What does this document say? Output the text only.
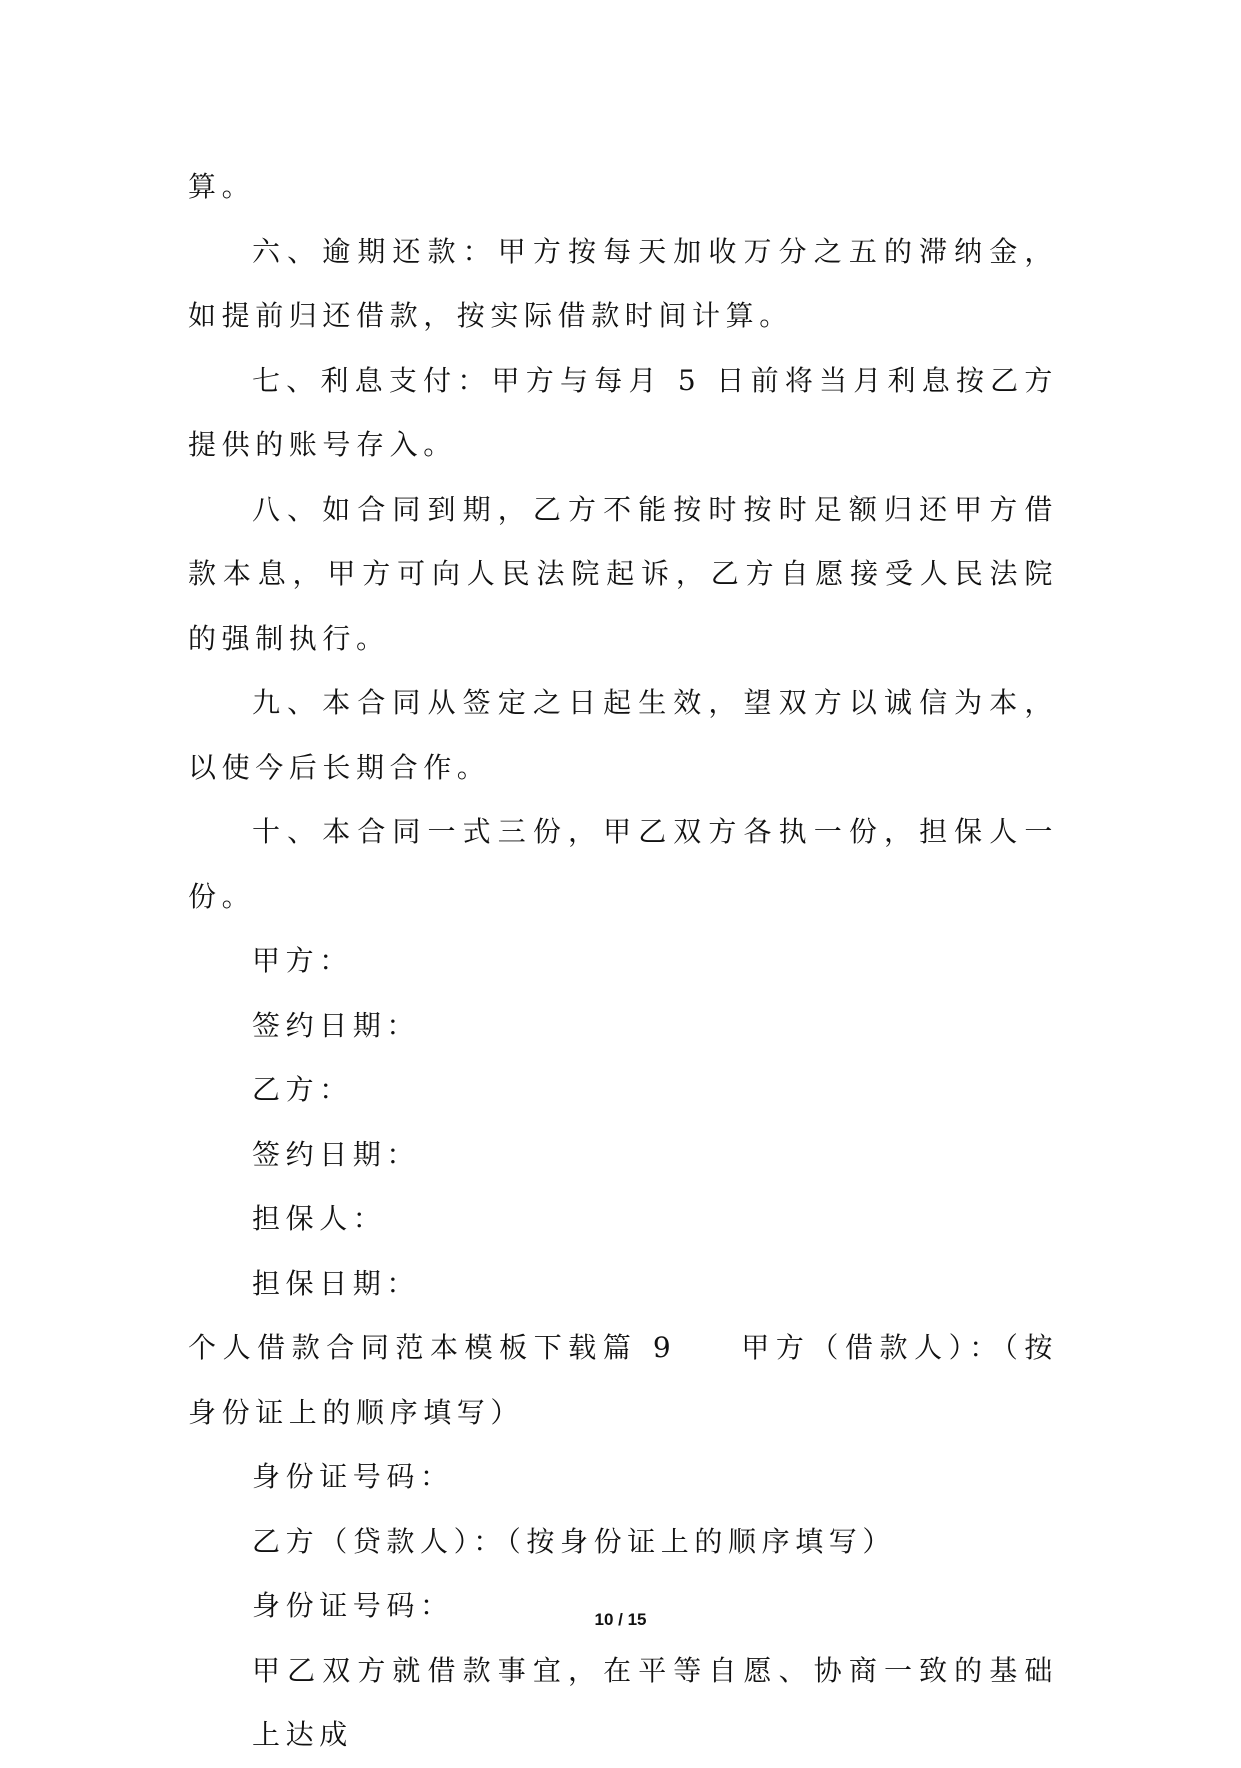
算。

六、逾期还款：甲方按每天加收万分之五的滞纳金，如提前归还借款，按实际借款时间计算。

七、利息支付：甲方与每月 5 日前将当月利息按乙方提供的账号存入。

八、如合同到期，乙方不能按时按时足额归还甲方借款本息，甲方可向人民法院起诉，乙方自愿接受人民法院的强制执行。

九、本合同从签定之日起生效，望双方以诚信为本，以使今后长期合作。

十、本合同一式三份，甲乙双方各执一份，担保人一份。

甲方：

签约日期：

乙方：

签约日期：

担保人：

担保日期：

个人借款合同范本模板下载篇 9 甲方（借款人）：（按身份证上的顺序填写）

身份证号码：

乙方（贷款人）：（按身份证上的顺序填写）

身份证号码：

甲乙双方就借款事宜，在平等自愿、协商一致的基础上达成

10 / 15
